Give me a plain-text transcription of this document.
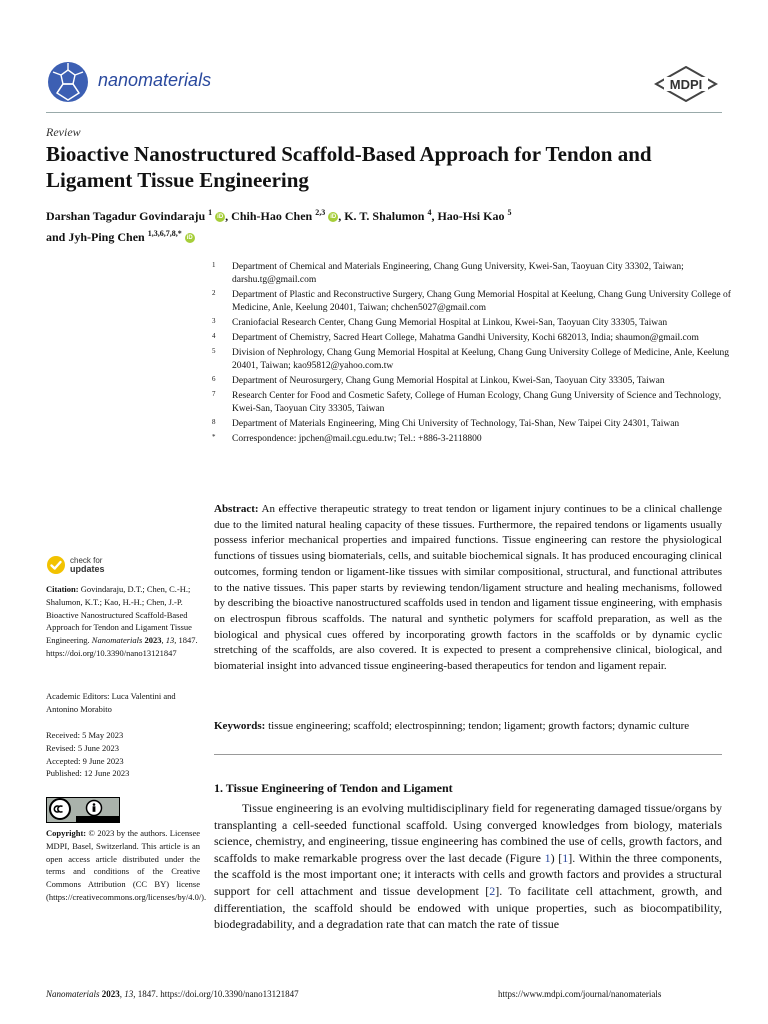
nanomaterials	MDPI
Review
Bioactive Nanostructured Scaffold-Based Approach for Tendon and Ligament Tissue Engineering
Darshan Tagadur Govindaraju $^1$ iD , Chih-Hao Chen $^{2,3}$ iD , K. T. Shalumon $^4$, Hao-Hsi Kao $^5$
and Jyh-Ping Chen $^{1,3,6,7,8,*}$ iD
1 Department of Chemical and Materials Engineering, Chang Gung University, Kwei-San, Taoyuan City 33302, Taiwan; darshu.tg@gmail.com
2 Department of Plastic and Reconstructive Surgery, Chang Gung Memorial Hospital at Keelung, Chang Gung University College of Medicine, Anle, Keelung 20401, Taiwan; chchen5027@gmail.com
3 Craniofacial Research Center, Chang Gung Memorial Hospital at Linkou, Kwei-San, Taoyuan City 33305, Taiwan
4 Department of Chemistry, Sacred Heart College, Mahatma Gandhi University, Kochi 682013, India; shaumon@gmail.com
5 Division of Nephrology, Chang Gung Memorial Hospital at Keelung, Chang Gung University College of Medicine, Anle, Keelung 20401, Taiwan; kao95812@yahoo.com.tw
6 Department of Neurosurgery, Chang Gung Memorial Hospital at Linkou, Kwei-San, Taoyuan City 33305, Taiwan
7 Research Center for Food and Cosmetic Safety, College of Human Ecology, Chang Gung University of Science and Technology, Kwei-San, Taoyuan City 33305, Taiwan
8 Department of Materials Engineering, Ming Chi University of Technology, Tai-Shan, New Taipei City 24301, Taiwan
* Correspondence: jpchen@mail.cgu.edu.tw; Tel.: +886-3-2118800

Abstract: An effective therapeutic strategy to treat tendon or ligament injury continues to be a clinical challenge due to the limited natural healing capacity of these tissues. Furthermore, the repaired tendons or ligaments usually possess inferior mechanical properties and impaired functions. Tissue engineering can restore the physiological functions of tissues using biomaterials, cells, and suitable biochemical signals. It has produced encouraging clinical outcomes, forming tendon or ligament-like tissues with similar compositional, structural, and functional attributes to the native tissues. This paper starts by reviewing tendon/ligament structure and healing mechanisms, followed by describing the bioactive nanostructured scaffolds used in tendon and ligament tissue engineering, with emphasis on electrospun fibrous scaffolds. The natural and synthetic polymers for scaffold preparation, as well as the biological and physical cues offered by incorporating growth factors in the scaffolds or by dynamic cyclic stretching of the scaffolds, are also covered. It is expected to present a comprehensive clinical, biological, and biomaterial insight into advanced tissue engineering-based therapeutics for tendon and ligament repair.

Keywords: tissue engineering; scaffold; electrospinning; tendon; ligament; growth factors; dynamic culture

check for
updates

Citation: Govindaraju, D.T.; Chen, C.-H.; Shalumon, K.T.; Kao, H.-H.; Chen, J.-P. Bioactive Nanostructured Scaffold-Based Approach for Tendon and Ligament Tissue Engineering. Nanomaterials 2023, 13, 1847. https://doi.org/10.3390/nano13121847

Academic Editors: Luca Valentini and Antonino Morabito

Received: 5 May 2023
Revised: 5 June 2023
Accepted: 9 June 2023
Published: 12 June 2023

Copyright: © 2023 by the authors. Licensee MDPI, Basel, Switzerland. This article is an open access article distributed under the terms and conditions of the Creative Commons Attribution (CC BY) license (https://creativecommons.org/licenses/by/4.0/).

1. Tissue Engineering of Tendon and Ligament

Tissue engineering is an evolving multidisciplinary field for regenerating damaged tissue/organs by transplanting a cell-seeded functional scaffold. Using converged knowledges from biology, materials science, chemistry, and engineering, tissue engineering has combined the use of cells, growth factors, and scaffolds to make remarkable progress over the last decade (Figure 1) [1]. Within the three components, the scaffold is the most important one; it interacts with cells and growth factors and provides a structural support for cell attachment and tissue development [2]. To facilitate cell attachment, growth, and differentiation, the scaffold should be endowed with unique properties, such as biocompatibility, biodegradability, and a degradation rate that can match the rate of tissue

Nanomaterials 2023, 13, 1847. https://doi.org/10.3390/nano13121847	https://www.mdpi.com/journal/nanomaterials
